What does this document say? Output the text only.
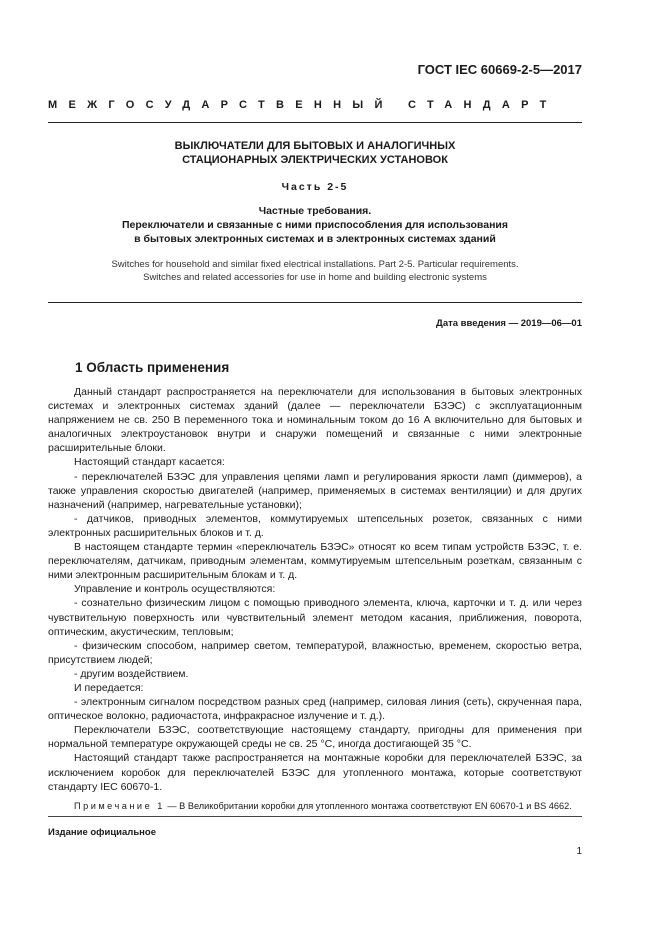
ГОСТ IEC 60669-2-5—2017
МЕЖГОСУДАРСТВЕННЫЙ СТАНДАРТ
ВЫКЛЮЧАТЕЛИ ДЛЯ БЫТОВЫХ И АНАЛОГИЧНЫХ
СТАЦИОНАРНЫХ ЭЛЕКТРИЧЕСКИХ УСТАНОВОК
Часть 2-5
Частные требования.
Переключатели и связанные с ними приспособления для использования
в бытовых электронных системах и в электронных системах зданий
Switches for household and similar fixed electrical installations. Part 2-5. Particular requirements.
Switches and related accessories for use in home and building electronic systems
Дата введения — 2019—06—01
1 Область применения

Данный стандарт распространяется на переключатели для использования в бытовых электронных системах и электронных системах зданий (далее — переключатели БЗЭС) с эксплуатационным напряжением не св. 250 В переменного тока и номинальным током до 16 А включительно для бытовых и аналогичных электроустановок внутри и снаружи помещений и связанные с ними электронные расширительные блоки.

Настоящий стандарт касается:

- переключателей БЗЭС для управления цепями ламп и регулирования яркости ламп (диммеров), а также управления скоростью двигателей (например, применяемых в системах вентиляции) и для других назначений (например, нагревательные установки);

- датчиков, приводных элементов, коммутируемых штепсельных розеток, связанных с ними электронных расширительных блоков и т. д.

В настоящем стандарте термин «переключатель БЗЭС» относят ко всем типам устройств БЗЭС, т. е. переключателям, датчикам, приводным элементам, коммутируемым штепсельным розеткам, связанным с ними электронным расширительным блокам и т. д.

Управление и контроль осуществляются:

- сознательно физическим лицом с помощью приводного элемента, ключа, карточки и т. д. или через чувствительную поверхность или чувствительный элемент методом касания, приближения, поворота, оптическим, акустическим, тепловым;

- физическим способом, например светом, температурой, влажностью, временем, скоростью ветра, присутствием людей;

- другим воздействием.

И передается:

- электронным сигналом посредством разных сред (например, силовая линия (сеть), скрученная пара, оптическое волокно, радиочастота, инфракрасное излучение и т. д.).

Переключатели БЗЭС, соответствующие настоящему стандарту, пригодны для применения при нормальной температуре окружающей среды не св. 25 °С, иногда достигающей 35 °С.

Настоящий стандарт также распространяется на монтажные коробки для переключателей БЗЭС, за исключением коробок для переключателей БЗЭС для утопленного монтажа, которые соответствуют стандарту IEC 60670-1.

Примечание 1 — В Великобритании коробки для утопленного монтажа соответствуют EN 60670-1 и BS 4662.

Издание официальное
1
